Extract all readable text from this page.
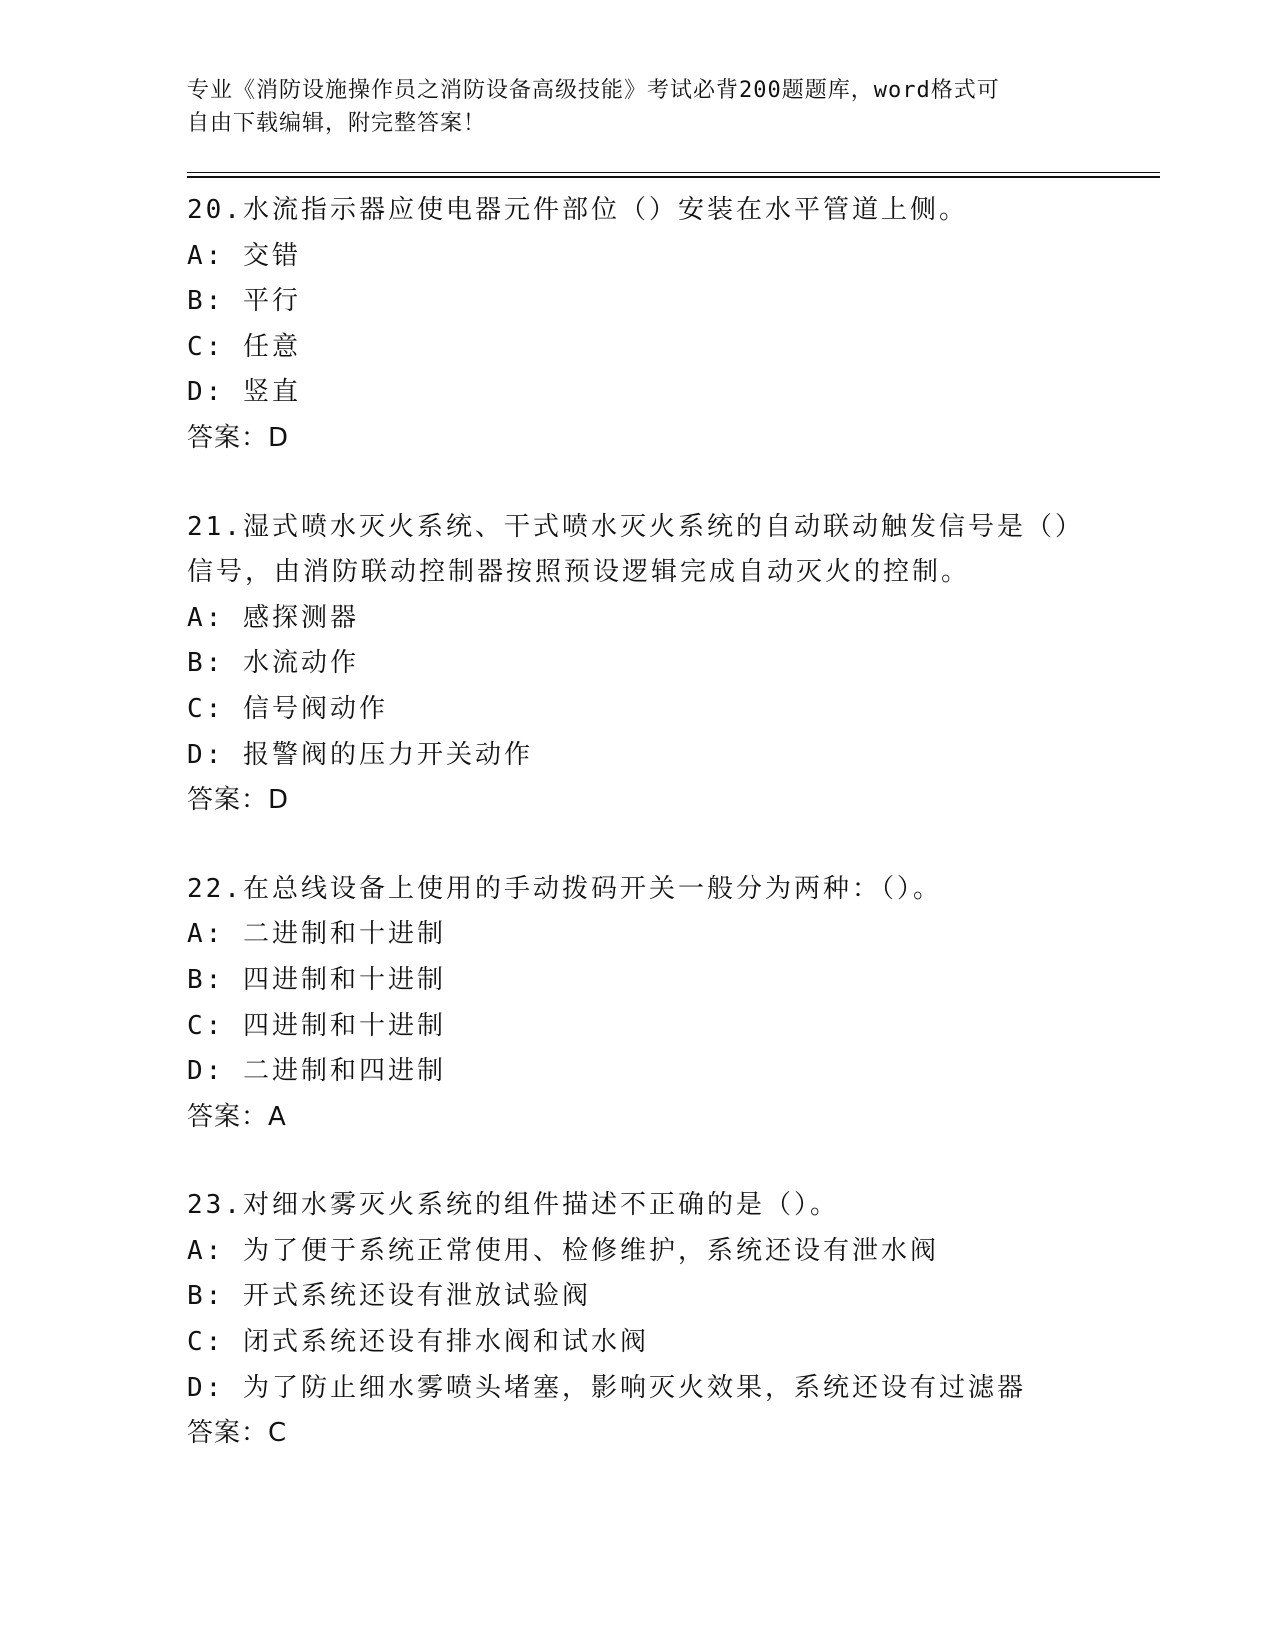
专业《消防设施操作员之消防设备高级技能》考试必背200题题库，word格式可
自由下载编辑，附完整答案！
20.水流指示器应使电器元件部位（）安装在水平管道上侧。
A: 交错
B: 平行
C: 任意
D: 竖直
答案：D
21.湿式喷水灭火系统、干式喷水灭火系统的自动联动触发信号是（）
信号，由消防联动控制器按照预设逻辑完成自动灭火的控制。
A: 感探测器
B: 水流动作
C: 信号阀动作
D: 报警阀的压力开关动作
答案：D
22.在总线设备上使用的手动拨码开关一般分为两种：（）。
A: 二进制和十进制
B: 四进制和十进制
C: 四进制和十进制
D: 二进制和四进制
答案：A
23.对细水雾灭火系统的组件描述不正确的是（）。
A: 为了便于系统正常使用、检修维护，系统还设有泄水阀
B: 开式系统还设有泄放试验阀
C: 闭式系统还设有排水阀和试水阀
D: 为了防止细水雾喷头堵塞，影响灭火效果，系统还设有过滤器
答案：C
